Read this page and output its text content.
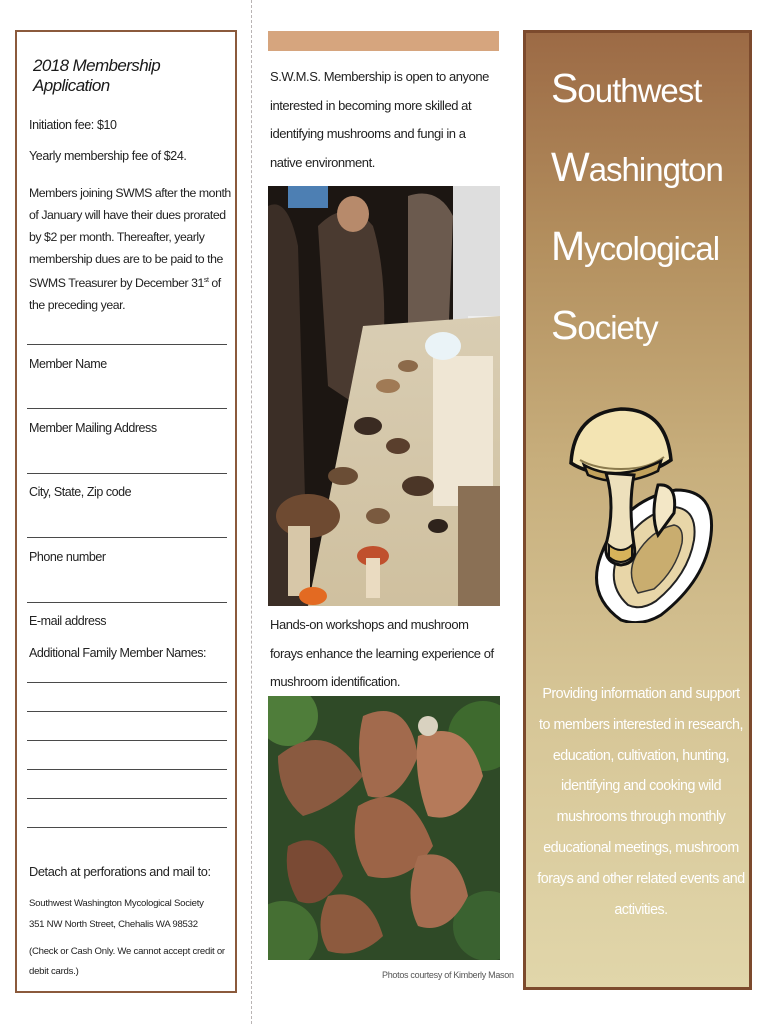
2018 Membership Application
Initiation fee: $10
Yearly membership fee of $24.
Members joining SWMS after the month of January will have their dues prorated by $2 per month. Thereafter, yearly membership dues are to be paid to the SWMS Treasurer by December 31st of the preceding year.
Member Name
Member Mailing Address
City, State, Zip code
Phone number
E-mail address
Additional Family Member Names:
Detach at perforations and mail to:
Southwest Washington Mycological Society
351 NW North Street, Chehalis WA 98532
(Check or Cash Only. We cannot accept credit or debit cards.)
S.W.M.S. Membership is open to anyone interested in becoming more skilled at identifying mushrooms and fungi in a native environment.
Hands-on workshops and mushroom forays enhance the learning experience of mushroom identification.
Photos courtesy of Kimberly Mason
Southwest
Washington
Mycological
Society
Providing information and support to members interested in research, education, cultivation, hunting, identifying and cooking wild mushrooms through monthly educational meetings, mushroom forays and other related events and activities.
